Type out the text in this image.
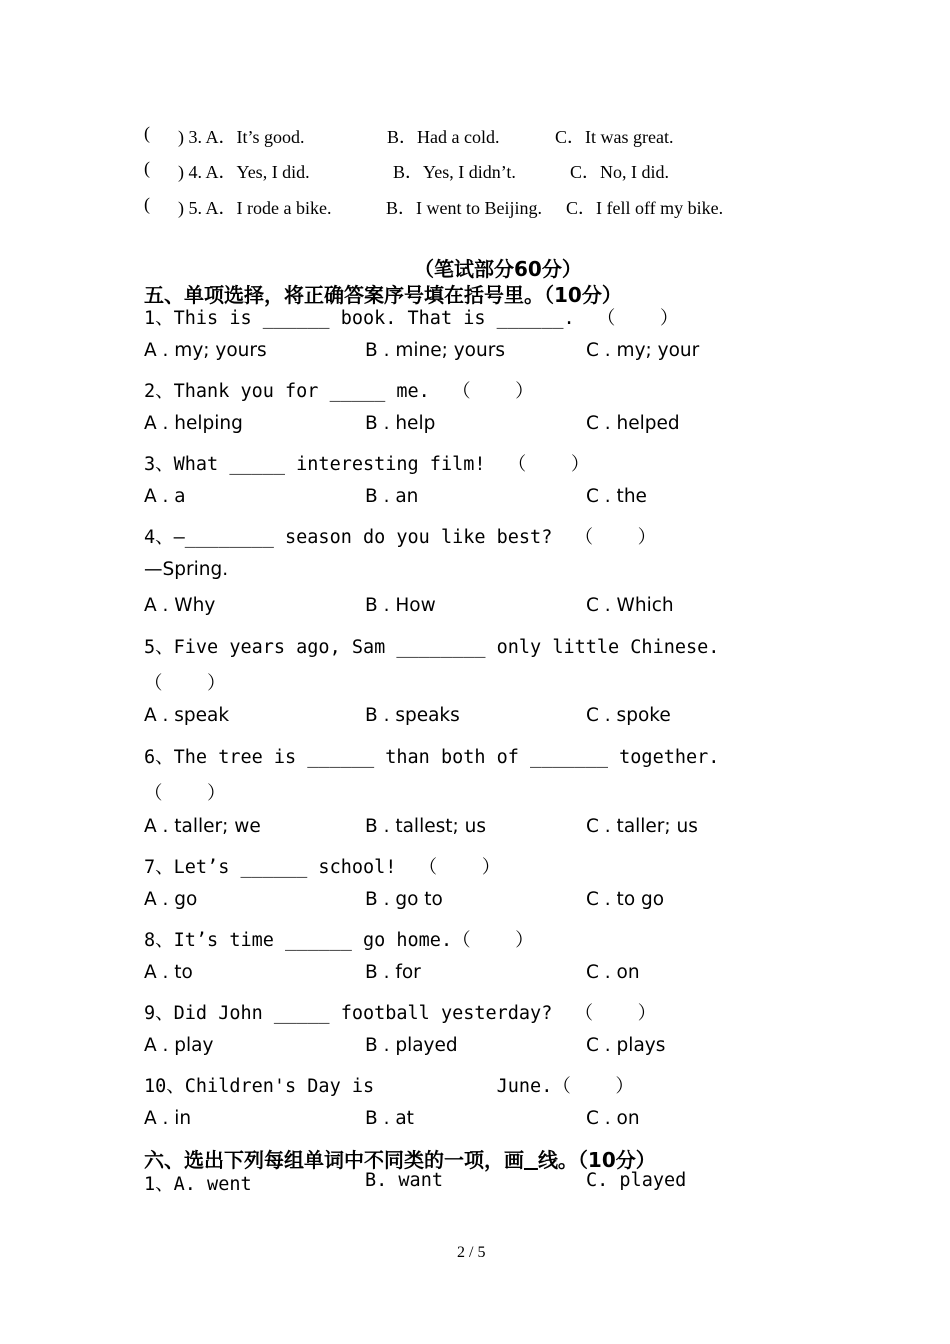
( ) 3. A．It’s good.	B．Had a cold.	C．It was great.
( ) 4. A．Yes, I did.	B．Yes, I didn’t.	C．No, I did.
( ) 5. A．I rode a bike.	B．I went to Beijing. C．I fell off my bike.
（笔试部分60分）
五、单项选择，将正确答案序号填在括号里。（10分）
1、This is ______ book. That is ______.  （    ）
A . my; yours	B . mine; yours	C . my; your
2、Thank you for _____ me.  （    ）
A . helping	B . help	C . helped
3、What _____ interesting film!  （    ）
A . a	B . an	C . the
4、—________ season do you like best?  （    ）
—Spring.
A . Why	B . How	C . Which
5、Five years ago, Sam ________ only little Chinese.
（    ）
A . speak	B . speaks	C . spoke
6、The tree is ______ than both of _______ together.
（    ）
A . taller; we	B . tallest; us	C . taller; us
7、Let’s ______ school!  （    ）
A . go	B . go to	C . to go
8、It’s time ______ go home.（    ）
A . to	B . for	C . on
9、Did John _____ football yesterday?  （    ）
A . play	B . played	C . plays
10、Children's Day is           June.（    ）
A . in	B . at	C . on
六、选出下列每组单词中不同类的一项，画 线。（10分）
1、A. went	B. want	C. played
2 / 5
